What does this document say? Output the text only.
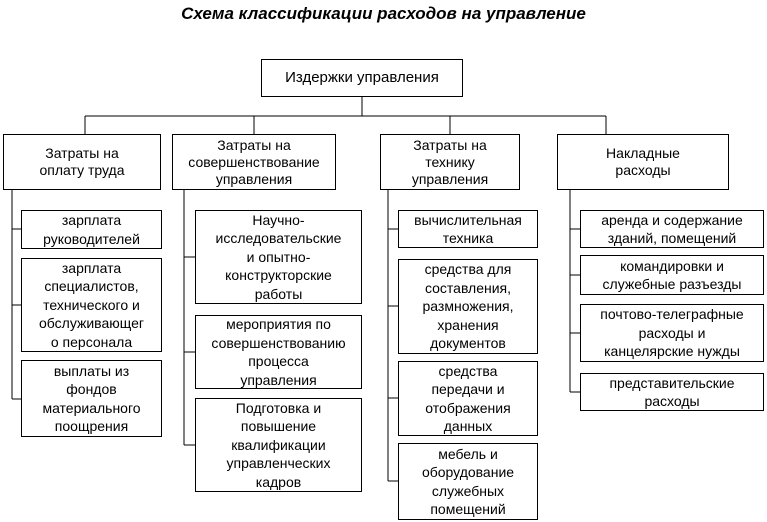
Схема классификации расходов на управление
Издержки управления
Затраты на
оплату труда
Затраты на
совершенствование
управления
Затраты на
технику
управления
Накладные
расходы
зарплата
руководителей
зарплата
специалистов,
технического и
обслуживающег
о персонала
выплаты из
фондов
материального
поощрения
Научно-
исследовательские
и опытно-
конструкторские
работы
мероприятия по
совершенствованию
процесса
управления
Подготовка и
повышение
квалификации
управленческих
кадров
вычислительная
техника
средства для
составления,
размножения,
хранения
документов
средства
передачи и
отображения
данных
мебель и
оборудование
служебных
помещений
аренда и содержание
зданий, помещений
командировки и
служебные разъезды
почтово-телеграфные
расходы и
канцелярские нужды
представительские
расходы
